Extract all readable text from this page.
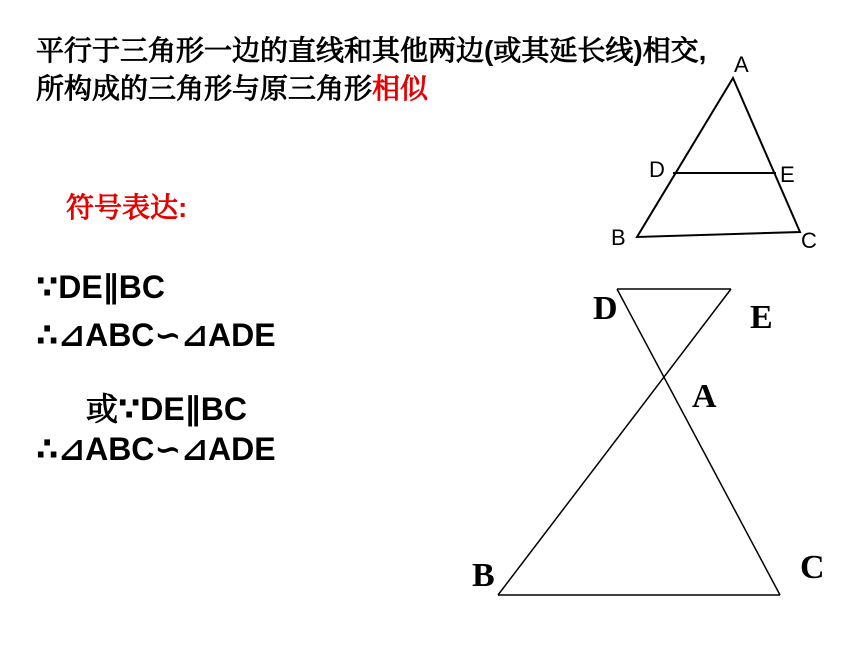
平行于三角形一边的直线和其他两边(或其延长线)相交,所构成的三角形与原三角形相似
符号表达:
∵DE∥BC
∴⊿ABC∽⊿ADE
或∵DE∥BC
∴⊿ABC∽⊿ADE
A
D	E
B	C
D	E
A
B	C
